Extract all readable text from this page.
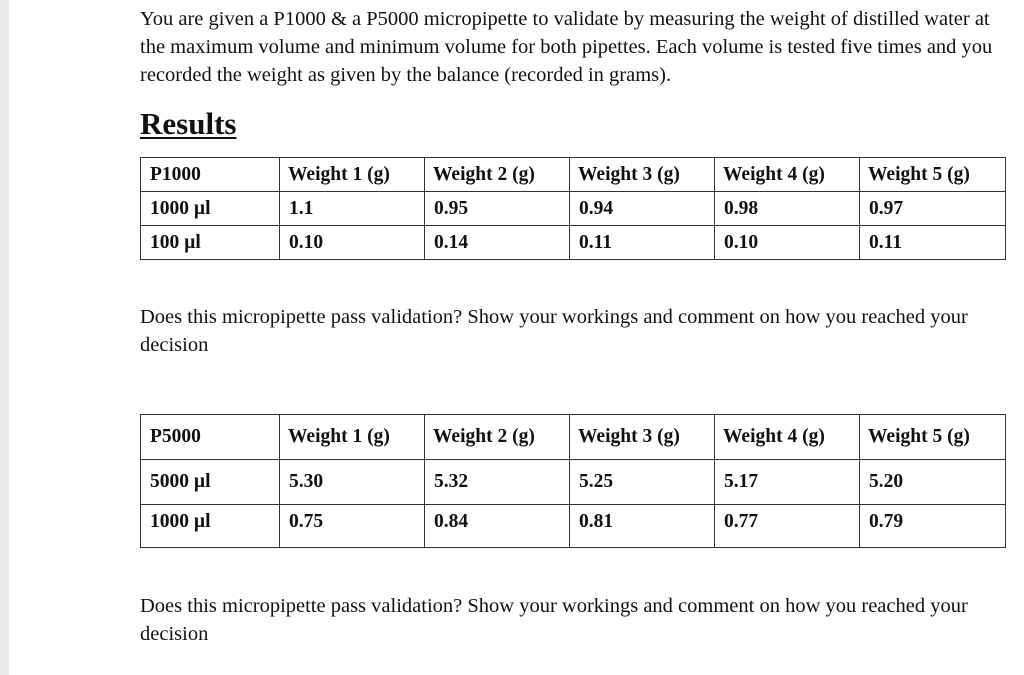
You are given a P1000 & a P5000 micropipette to validate by measuring the weight of distilled water at the maximum volume and minimum volume for both pipettes. Each volume is tested five times and you recorded the weight as given by the balance (recorded in grams).

Results
P1000	Weight 1 (g)	Weight 2 (g)	Weight 3 (g)	Weight 4 (g)	Weight 5 (g)
1000 µl	1.1	0.95	0.94	0.98	0.97
100 µl	0.10	0.14	0.11	0.10	0.11

Does this micropipette pass validation? Show your workings and comment on how you reached your decision

P5000	Weight 1 (g)	Weight 2 (g)	Weight 3 (g)	Weight 4 (g)	Weight 5 (g)
5000 µl	5.30	5.32	5.25	5.17	5.20
1000 µl	0.75	0.84	0.81	0.77	0.79

Does this micropipette pass validation? Show your workings and comment on how you reached your decision
